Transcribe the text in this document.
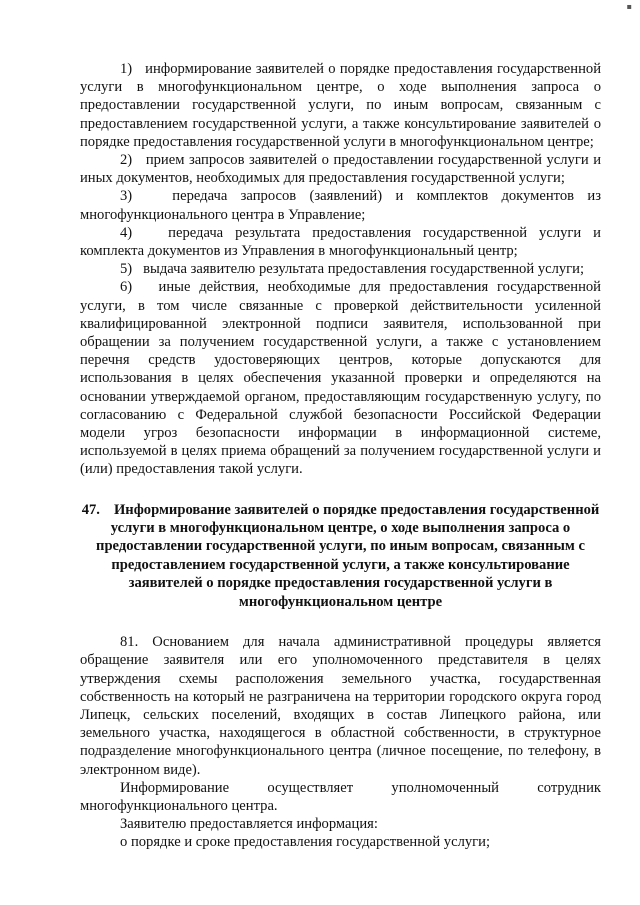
▪

1) информирование заявителей о порядке предоставления государственной услуги в многофункциональном центре, о ходе выполнения запроса о предоставлении государственной услуги, по иным вопросам, связанным с предоставлением государственной услуги, а также консультирование заявителей о порядке предоставления государственной услуги в многофункциональном центре;

2) прием запросов заявителей о предоставлении государственной услуги и иных документов, необходимых для предоставления государственной услуги;

3)	передача запросов (заявлений) и комплектов документов из многофункционального центра в Управление;

4) передача результата предоставления государственной услуги и комплекта документов из Управления в многофункциональный центр;

5) выдача заявителю результата предоставления государственной услуги;

6) иные действия, необходимые для предоставления государственной услуги, в том числе связанные с проверкой действительности усиленной квалифицированной электронной подписи заявителя, использованной при обращении за получением государственной услуги, а также с установлением перечня средств удостоверяющих центров, которые допускаются для использования в целях обеспечения указанной проверки и определяются на основании утверждаемой органом, предоставляющим государственную услугу, по согласованию с Федеральной службой безопасности Российской Федерации модели угроз безопасности информации в информационной системе, используемой в целях приема обращений за получением государственной услуги и (или) предоставления такой услуги.

47. Информирование заявителей о порядке предоставления государственной услуги в многофункциональном центре, о ходе выполнения запроса о предоставлении государственной услуги, по иным вопросам, связанным с предоставлением государственной услуги, а также консультирование заявителей о порядке предоставления государственной услуги в многофункциональном центре

81. Основанием для начала административной процедуры является обращение заявителя или его уполномоченного представителя в целях утверждения схемы расположения земельного участка, государственная собственность на который не разграничена на территории городского округа город Липецк, сельских поселений, входящих в состав Липецкого района, или земельного участка, находящегося в областной собственности, в структурное подразделение многофункционального центра (личное посещение, по телефону, в электронном виде).

Информирование осуществляет уполномоченный сотрудник многофункционального центра.

Заявителю предоставляется информация:

о порядке и сроке предоставления государственной услуги;
